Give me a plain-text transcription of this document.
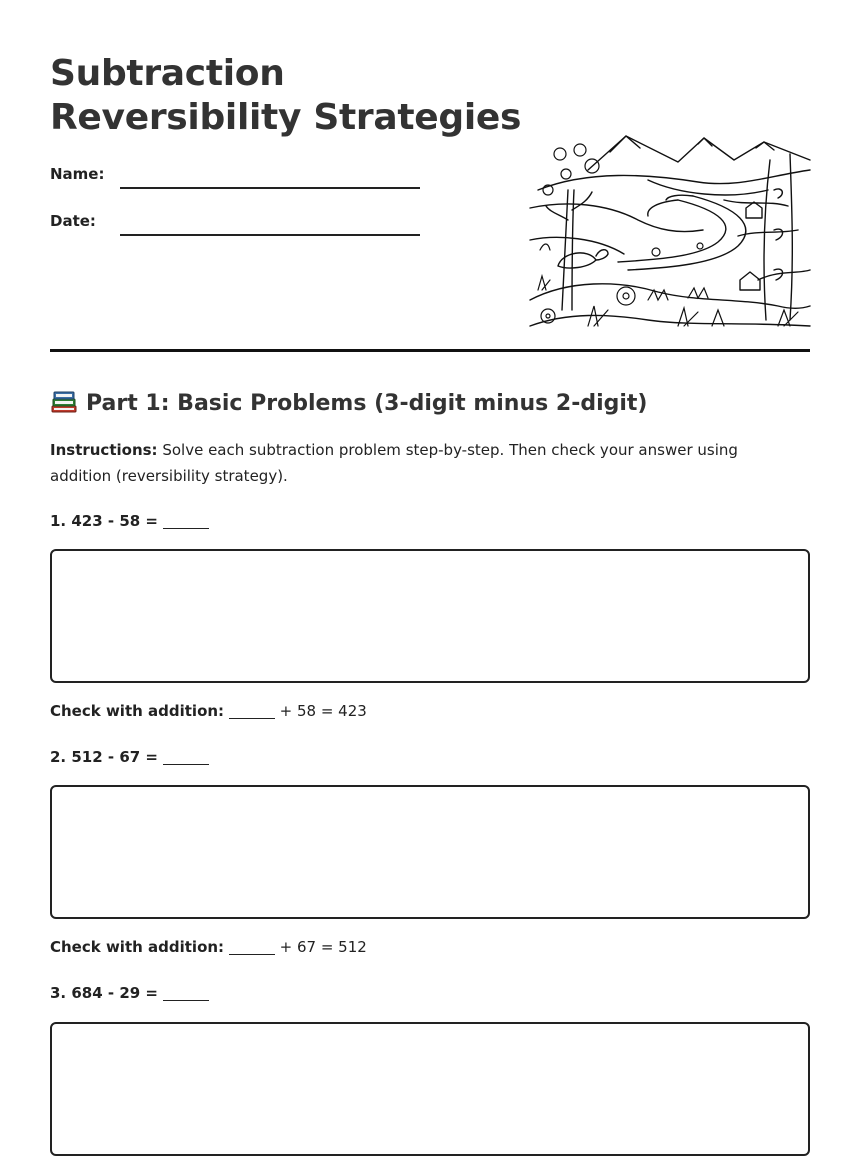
Subtraction
Reversibility Strategies
Name:
Date:
Part 1: Basic Problems (3-digit minus 2-digit)

Instructions: Solve each subtraction problem step-by-step. Then check your answer using addition (reversibility strategy).

1. 423 - 58 =
Check with addition:	+ 58 = 423
2. 512 - 67 =
Check with addition:	+ 67 = 512
3. 684 - 29 =
